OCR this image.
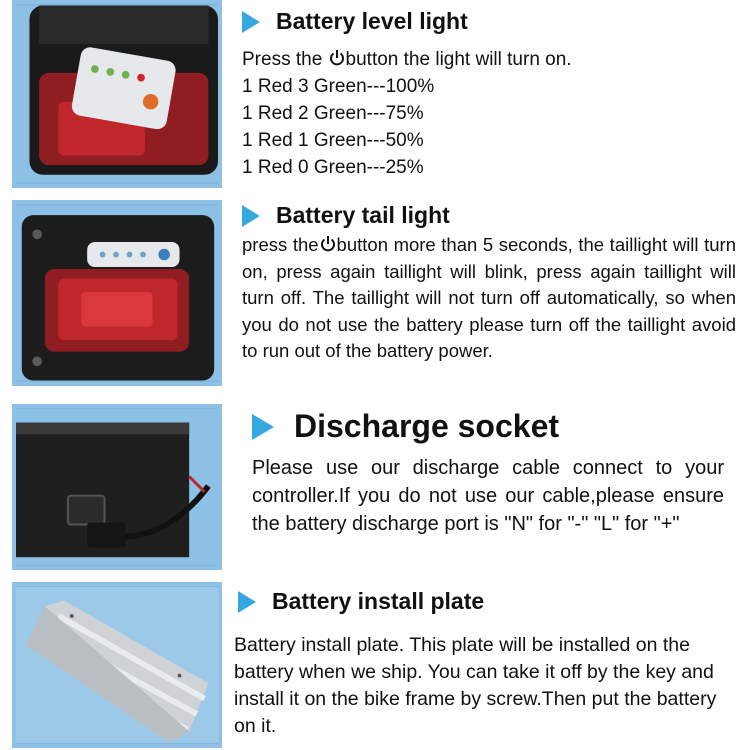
Battery level light
Press the button the light will turn on.
1 Red 3 Green---100%
1 Red 2 Green---75%
1 Red 1 Green---50%
1 Red 0 Green---25%
Battery tail light

press the button more than 5 seconds, the taillight will turn on, press again taillight will blink, press again taillight will turn off. The taillight will not turn off automatically, so when you do not use the battery please turn off the taillight avoid to run out of the battery power.

Discharge socket

Please use our discharge cable connect to your controller.If you do not use our cable,please ensure the battery discharge port is "N" for "-" "L" for "+"

Battery install plate

Battery install plate. This plate will be installed on the battery when we ship. You can take it off by the key and install it on the bike frame by screw.Then put the battery on it.
